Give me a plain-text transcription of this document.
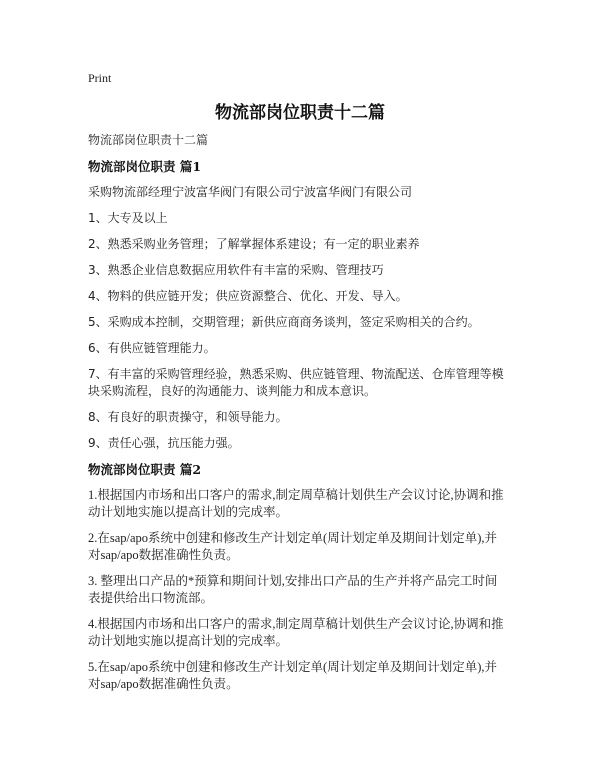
Print
物流部岗位职责十二篇

物流部岗位职责十二篇

物流部岗位职责 篇1

采购物流部经理宁波富华阀门有限公司宁波富华阀门有限公司

1、大专及以上

2、熟悉采购业务管理；了解掌握体系建设；有一定的职业素养

3、熟悉企业信息数据应用软件有丰富的采购、管理技巧

4、物料的供应链开发；供应资源整合、优化、开发、导入。

5、采购成本控制，交期管理；新供应商商务谈判，签定采购相关的合约。

6、有供应链管理能力。

7、有丰富的采购管理经验，熟悉采购、供应链管理、物流配送、仓库管理等模块采购流程，良好的沟通能力、谈判能力和成本意识。

8、有良好的职责操守，和领导能力。

9、责任心强，抗压能力强。

物流部岗位职责 篇2

1.根据国内市场和出口客户的需求,制定周草稿计划供生产会议讨论,协调和推动计划地实施以提高计划的完成率。

2.在sap/apo系统中创建和修改生产计划定单(周计划定单及期间计划定单),并对sap/apo数据准确性负责。

3. 整理出口产品的*预算和期间计划,安排出口产品的生产并将产品完工时间表提供给出口物流部。

4.根据国内市场和出口客户的需求,制定周草稿计划供生产会议讨论,协调和推动计划地实施以提高计划的完成率。

5.在sap/apo系统中创建和修改生产计划定单(周计划定单及期间计划定单),并对sap/apo数据准确性负责。
